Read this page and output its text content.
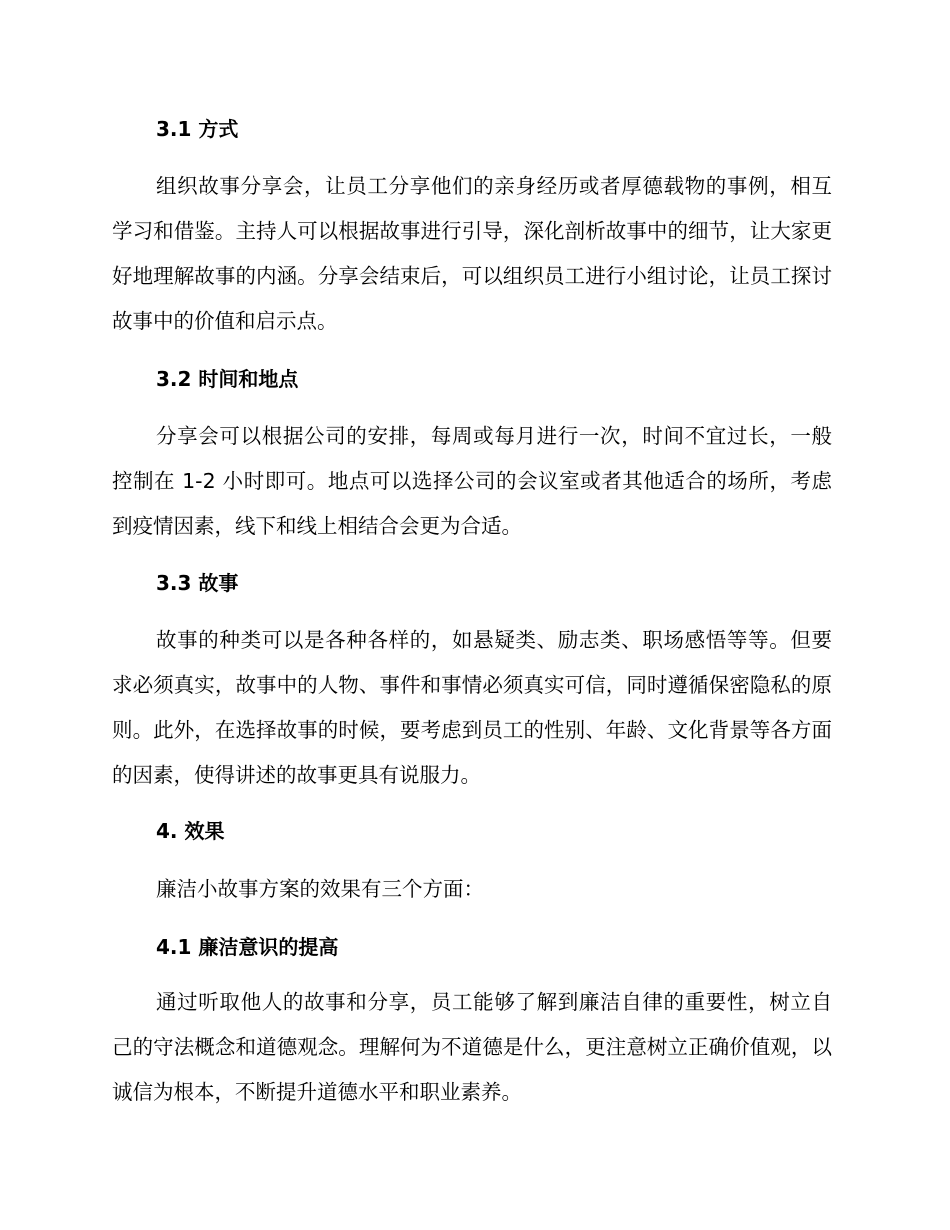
3.1 方式
组织故事分享会，让员工分享他们的亲身经历或者厚德载物的事例，相互学习和借鉴。主持人可以根据故事进行引导，深化剖析故事中的细节，让大家更好地理解故事的内涵。分享会结束后，可以组织员工进行小组讨论，让员工探讨故事中的价值和启示点。
3.2 时间和地点
分享会可以根据公司的安排，每周或每月进行一次，时间不宜过长，一般控制在 1-2 小时即可。地点可以选择公司的会议室或者其他适合的场所，考虑到疫情因素，线下和线上相结合会更为合适。
3.3 故事
故事的种类可以是各种各样的，如悬疑类、励志类、职场感悟等等。但要求必须真实，故事中的人物、事件和事情必须真实可信，同时遵循保密隐私的原则。此外，在选择故事的时候，要考虑到员工的性别、年龄、文化背景等各方面的因素，使得讲述的故事更具有说服力。
4. 效果
廉洁小故事方案的效果有三个方面：
4.1 廉洁意识的提高
通过听取他人的故事和分享，员工能够了解到廉洁自律的重要性，树立自己的守法概念和道德观念。理解何为不道德是什么，更注意树立正确价值观，以诚信为根本，不断提升道德水平和职业素养。
